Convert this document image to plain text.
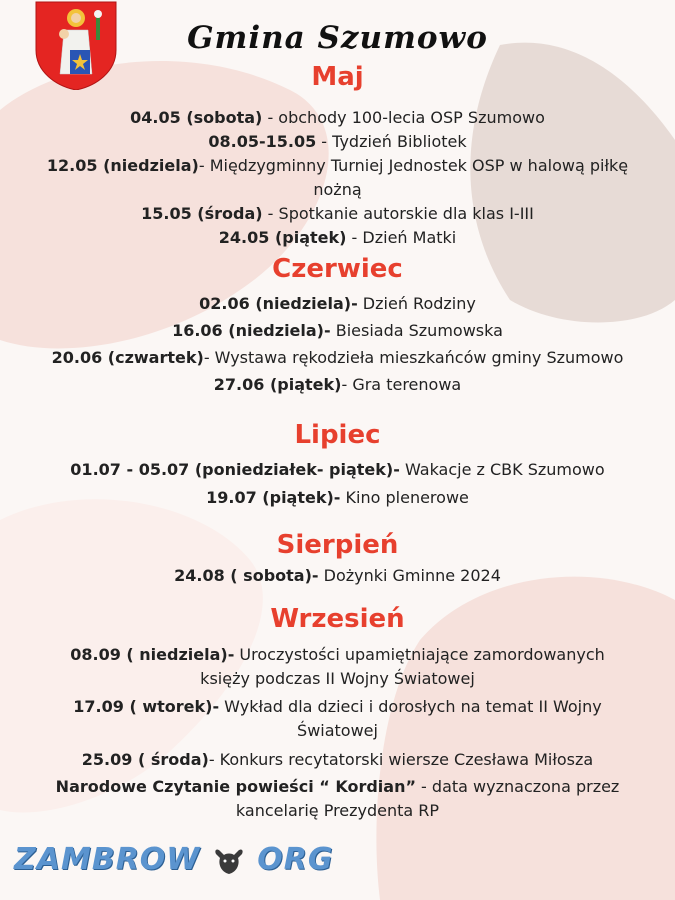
Gmina Szumowo
Maj
04.05 (sobota) - obchody 100-lecia OSP Szumowo
08.05-15.05 - Tydzień Bibliotek
12.05 (niedziela)- Międzygminny Turniej Jednostek OSP w halową piłkę nożną
15.05 (środa) - Spotkanie autorskie dla klas I-III
24.05 (piątek) - Dzień Matki
Czerwiec
02.06 (niedziela)- Dzień Rodziny
16.06 (niedziela)- Biesiada Szumowska
20.06 (czwartek)- Wystawa rękodzieła mieszkańców gminy Szumowo
27.06 (piątek)- Gra terenowa
Lipiec
01.07 - 05.07 (poniedziałek- piątek)- Wakacje z CBK Szumowo
19.07 (piątek)- Kino plenerowe
Sierpień
24.08 ( sobota)- Dożynki Gminne 2024
Wrzesień
08.09 ( niedziela)- Uroczystości upamiętniające zamordowanych księży podczas II Wojny Światowej
17.09 ( wtorek)- Wykład dla dzieci i dorosłych na temat II Wojny Światowej
25.09 ( środa)- Konkurs recytatorski wiersze Czesława Miłosza
Narodowe Czytanie powieści “ Kordian” - data wyznaczona przez kancelarię Prezydenta RP
ZAMBROW ORG
